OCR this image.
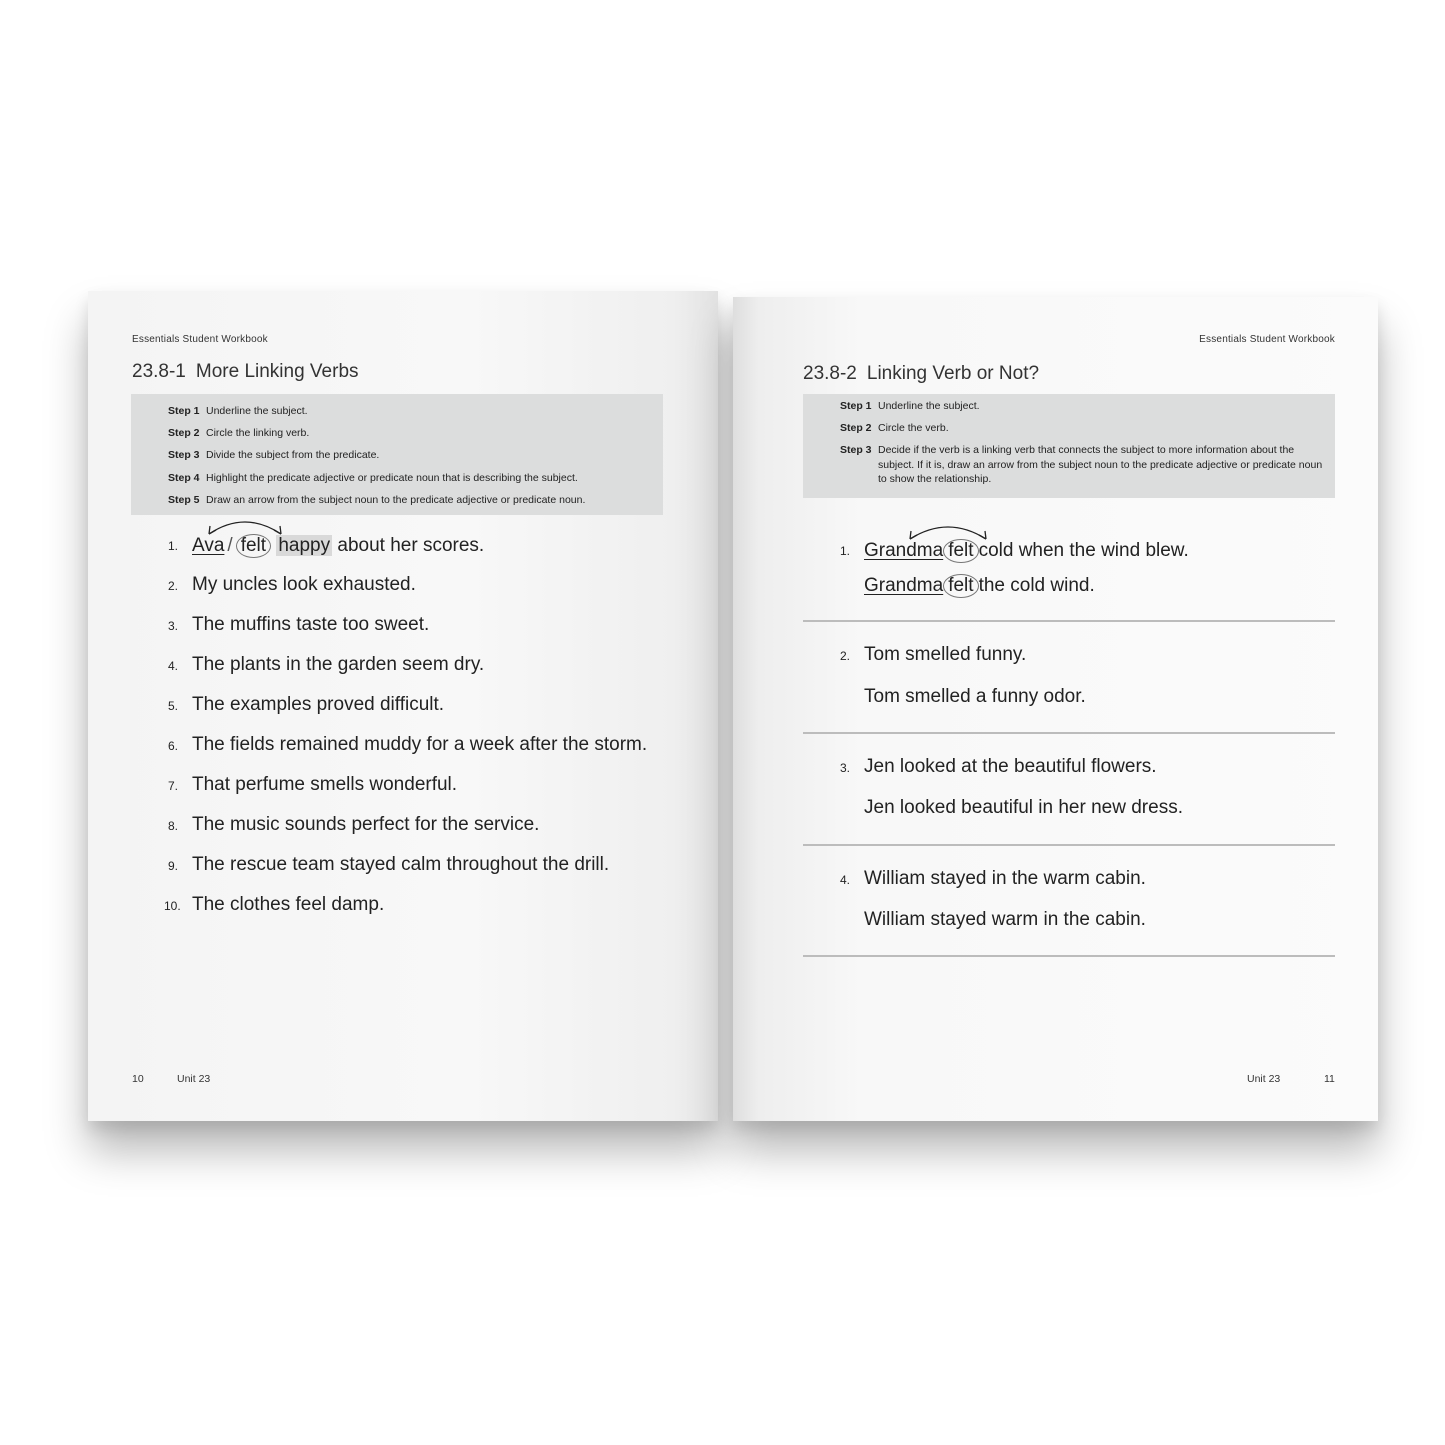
Essentials Student Workbook
23.8-1 More Linking Verbs
Step 1 Underline the subject.
Step 2 Circle the linking verb.
Step 3 Divide the subject from the predicate.
Step 4 Highlight the predicate adjective or predicate noun that is describing the subject.
Step 5 Draw an arrow from the subject noun to the predicate adjective or predicate noun.
1. Ava / felt happy about her scores.
2. My uncles look exhausted.
3. The muffins taste too sweet.
4. The plants in the garden seem dry.
5. The examples proved difficult.
6. The fields remained muddy for a week after the storm.
7. That perfume smells wonderful.
8. The music sounds perfect for the service.
9. The rescue team stayed calm throughout the drill.
10. The clothes feel damp.
10	Unit 23
Essentials Student Workbook
23.8-2 Linking Verb or Not?
Step 1 Underline the subject.
Step 2 Circle the verb.
Step 3 Decide if the verb is a linking verb that connects the subject to more information about the subject. If it is, draw an arrow from the subject noun to the predicate adjective or predicate noun to show the relationship.
1. Grandma felt cold when the wind blew.
Grandma felt the cold wind.
2. Tom smelled funny.
Tom smelled a funny odor.
3. Jen looked at the beautiful flowers.
Jen looked beautiful in her new dress.
4. William stayed in the warm cabin.
William stayed warm in the cabin.
Unit 23	11
